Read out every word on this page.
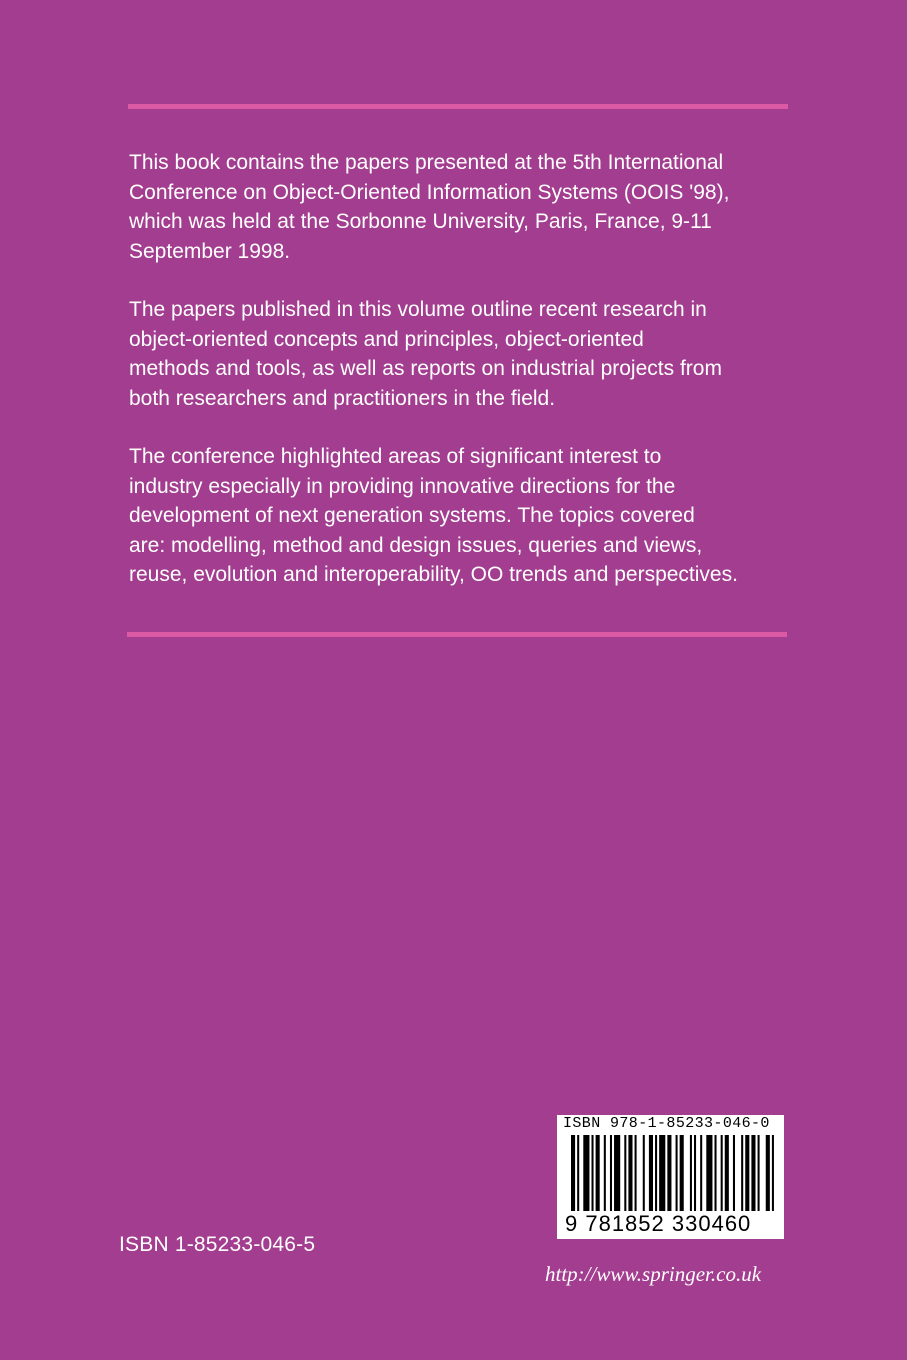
This book contains the papers presented at the 5th International
Conference on Object-Oriented Information Systems (OOIS '98),
which was held at the Sorbonne University, Paris, France, 9-11
September 1998.

The papers published in this volume outline recent research in
object-oriented concepts and principles, object-oriented
methods and tools, as well as reports on industrial projects from
both researchers and practitioners in the field.

The conference highlighted areas of significant interest to
industry especially in providing innovative directions for the
development of next generation systems. The topics covered
are: modelling, method and design issues, queries and views,
reuse, evolution and interoperability, OO trends and perspectives.

ISBN 978-1-85233-046-0
9 781852 330460
ISBN 1-85233-046-5
http://www.springer.co.uk
